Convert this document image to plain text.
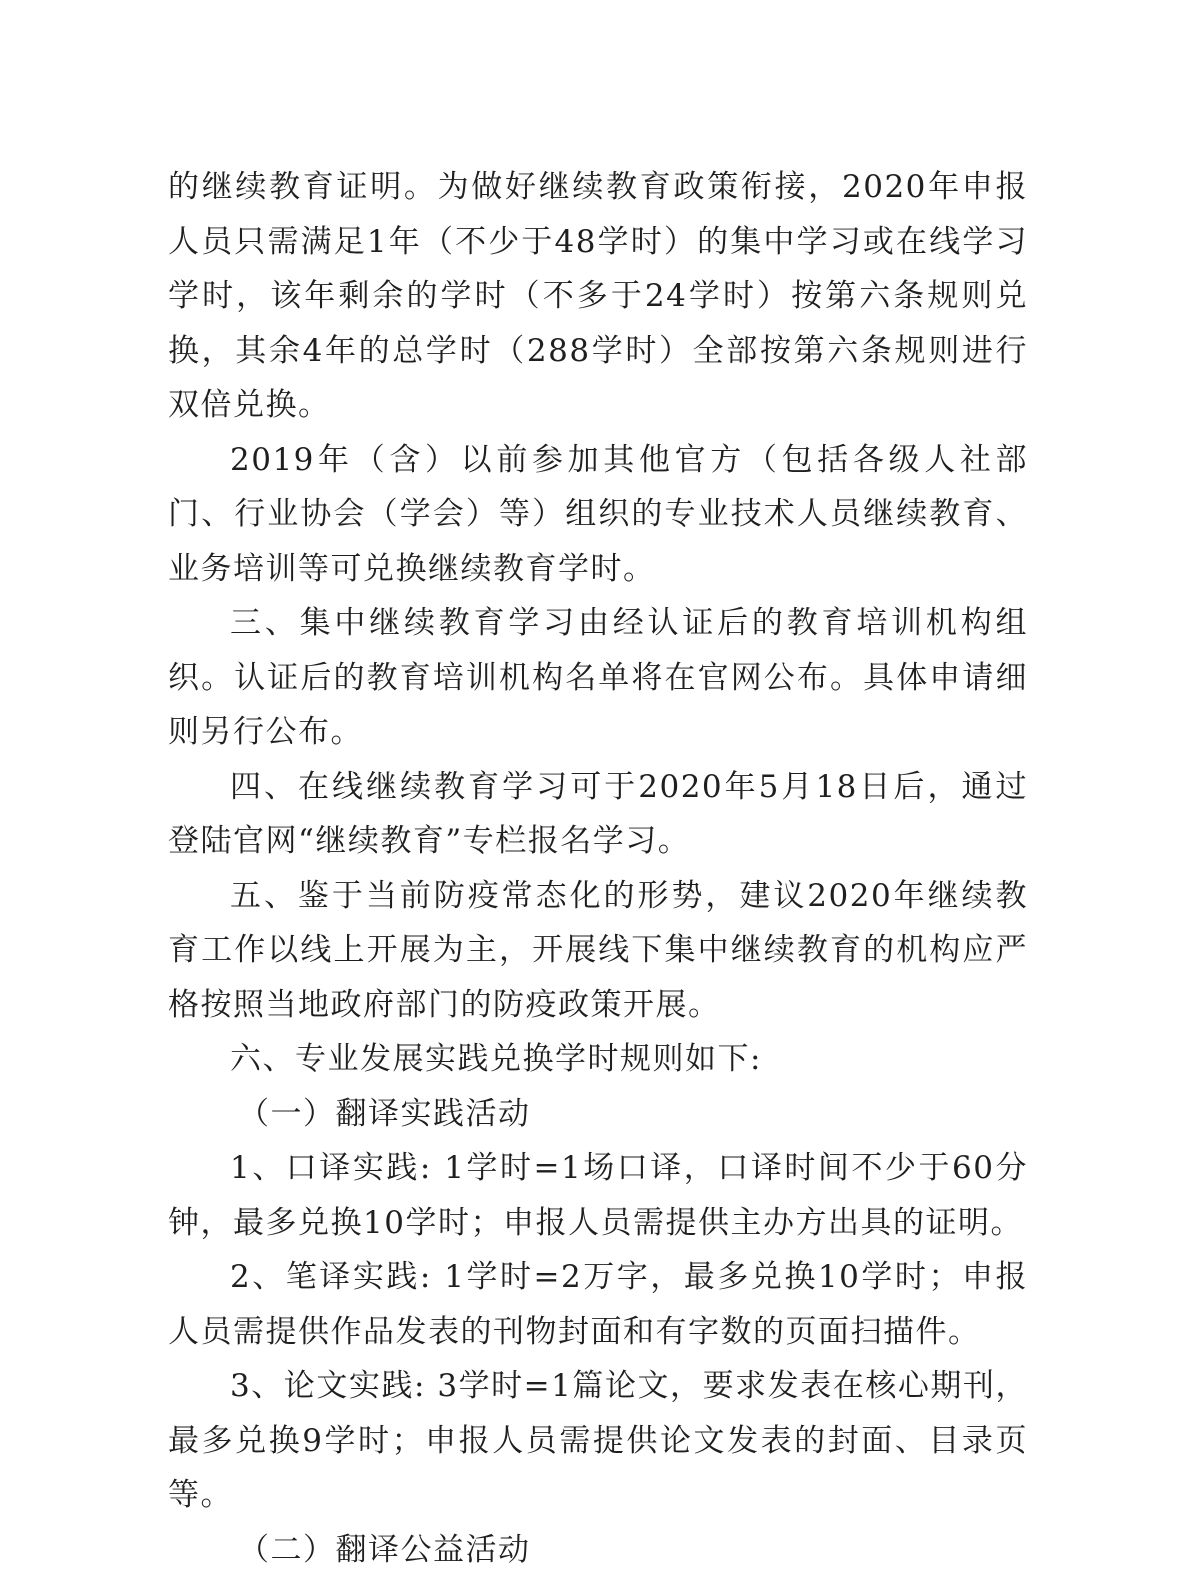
的继续教育证明。为做好继续教育政策衔接，2020年申报人员只需满足1年（不少于48学时）的集中学习或在线学习学时，该年剩余的学时（不多于24学时）按第六条规则兑换，其余4年的总学时（288学时）全部按第六条规则进行双倍兑换。

2019年（含）以前参加其他官方（包括各级人社部门、行业协会（学会）等）组织的专业技术人员继续教育、业务培训等可兑换继续教育学时。

三、集中继续教育学习由经认证后的教育培训机构组织。认证后的教育培训机构名单将在官网公布。具体申请细则另行公布。

四、在线继续教育学习可于2020年5月18日后，通过登陆官网“继续教育”专栏报名学习。

五、鉴于当前防疫常态化的形势，建议2020年继续教育工作以线上开展为主，开展线下集中继续教育的机构应严格按照当地政府部门的防疫政策开展。

六、专业发展实践兑换学时规则如下:

（一）翻译实践活动

1、口译实践: 1学时=1场口译，口译时间不少于60分钟，最多兑换10学时；申报人员需提供主办方出具的证明。

2、笔译实践: 1学时=2万字，最多兑换10学时；申报人员需提供作品发表的刊物封面和有字数的页面扫描件。

3、论文实践: 3学时=1篇论文，要求发表在核心期刊，最多兑换9学时；申报人员需提供论文发表的封面、目录页等。

（二）翻译公益活动
